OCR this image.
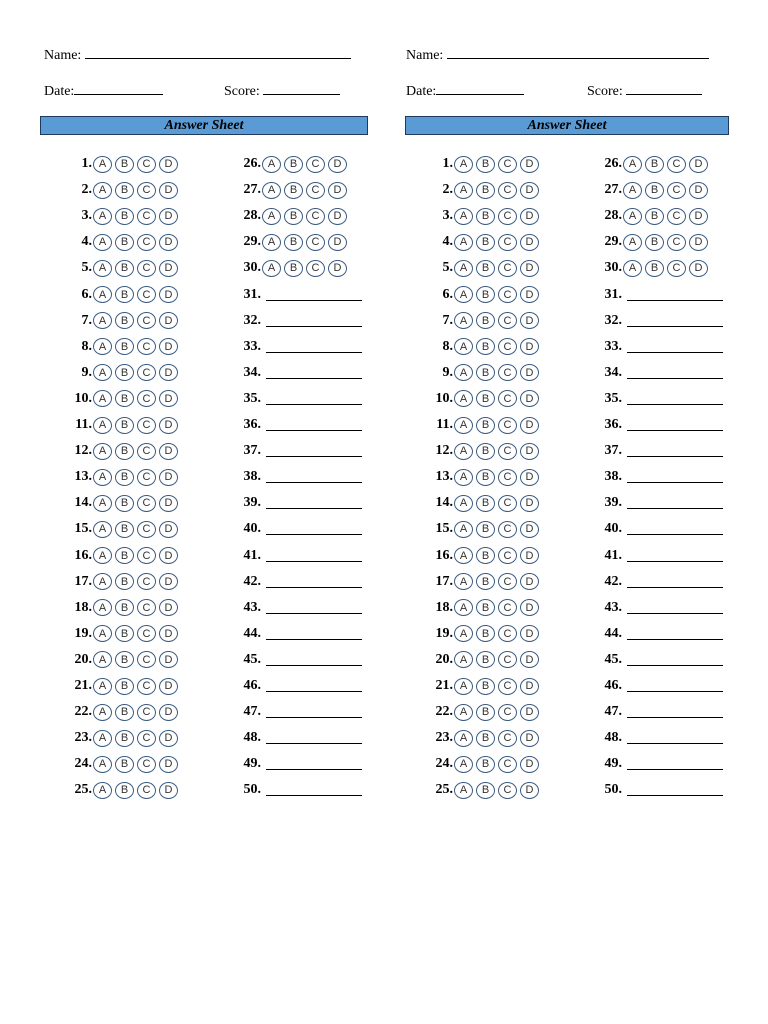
Name:
Date:	Score:
Answer Sheet
1. A	B	C	D
2. A	B	C	D
3. A	B	C	D
4. A	B	C	D
5. A	B	C	D
6. A	B	C	D
7. A	B	C	D
8. A	B	C	D
9. A	B	C	D
10. A	B	C	D
11. A	B	C	D
12. A	B	C	D
13. A	B	C	D
14. A	B	C	D
15. A	B	C	D
16. A	B	C	D
17. A	B	C	D
18. A	B	C	D
19. A	B	C	D
20. A	B	C	D
21. A	B	C	D
22. A	B	C	D
23. A	B	C	D
24. A	B	C	D
25. A	B	C	D
26. A	B	C	D
27. A	B	C	D
28. A	B	C	D
29. A	B	C	D
30. A	B	C	D
31.
32.
33.
34.
35.
36.
37.
38.
39.
40.
41.
42.
43.
44.
45.
46.
47.
48.
49.
50.
Name:
Date:	Score:
Answer Sheet
1. A	B	C	D
2. A	B	C	D
3. A	B	C	D
4. A	B	C	D
5. A	B	C	D
6. A	B	C	D
7. A	B	C	D
8. A	B	C	D
9. A	B	C	D
10. A	B	C	D
11. A	B	C	D
12. A	B	C	D
13. A	B	C	D
14. A	B	C	D
15. A	B	C	D
16. A	B	C	D
17. A	B	C	D
18. A	B	C	D
19. A	B	C	D
20. A	B	C	D
21. A	B	C	D
22. A	B	C	D
23. A	B	C	D
24. A	B	C	D
25. A	B	C	D
26. A	B	C	D
27. A	B	C	D
28. A	B	C	D
29. A	B	C	D
30. A	B	C	D
31.
32.
33.
34.
35.
36.
37.
38.
39.
40.
41.
42.
43.
44.
45.
46.
47.
48.
49.
50.
